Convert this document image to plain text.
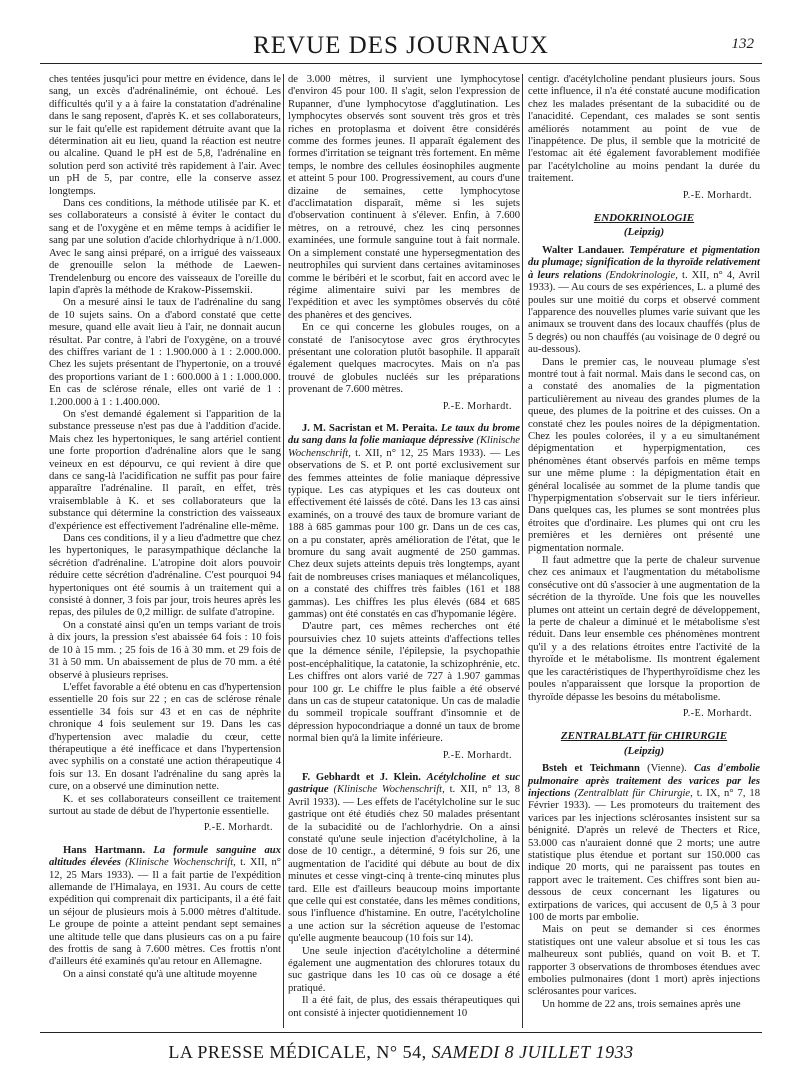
REVUE DES JOURNAUX	132

ches tentées jusqu'ici pour mettre en évidence, dans le sang, un excès d'adrénalinémie, ont échoué. Les difficultés qu'il y a à faire la constatation d'adrénaline dans le sang reposent, d'après K. et ses collaborateurs, sur le fait qu'elle est rapidement détruite avant que la détermination ait eu lieu, quand la réaction est neutre ou alcaline. Quand le pH est de 5,8, l'adrénaline en solution perd son activité très rapidement à l'air. Avec un pH de 5, par contre, elle la conserve assez longtemps.

Dans ces conditions, la méthode utilisée par K. et ses collaborateurs a consisté à éviter le contact du sang et de l'oxygène et en même temps à acidifier le sang par une solution d'acide chlorhydrique à n/1.000. Avec le sang ainsi préparé, on a irrigué des vaisseaux de grenouille selon la méthode de Laewen-Trendelenburg ou encore des vaisseaux de l'oreille du lapin d'après la méthode de Krakow-Pissemskii.

On a mesuré ainsi le taux de l'adrénaline du sang de 10 sujets sains. On a d'abord constaté que cette mesure, quand elle avait lieu à l'air, ne donnait aucun résultat. Par contre, à l'abri de l'oxygène, on a trouvé des chiffres variant de 1 : 1.900.000 à 1 : 2.000.000. Chez les sujets présentant de l'hypertonie, on a trouvé des proportions variant de 1 : 600.000 à 1 : 1.000.000. En cas de sclérose rénale, elles ont varié de 1 : 1.200.000 à 1 : 1.400.000.

On s'est demandé également si l'apparition de la substance presseuse n'est pas due à l'addition d'acide. Mais chez les hypertoniques, le sang artériel contient une forte proportion d'adrénaline alors que le sang veineux en est dépourvu, ce qui revient à dire que dans ce sang-là l'acidification ne suffit pas pour faire apparaître l'adrénaline. Il paraît, en effet, très vraisemblable à K. et ses collaborateurs que la substance qui détermine la constriction des vaisseaux d'expérience est effectivement l'adrénaline elle-même.

Dans ces conditions, il y a lieu d'admettre que chez les hypertoniques, le parasympathique déclanche la sécrétion d'adrénaline. L'atropine doit alors pouvoir réduire cette sécrétion d'adrénaline. C'est pourquoi 94 hypertoniques ont été soumis à un traitement qui a consisté à donner, 3 fois par jour, trois heures après les repas, des pilules de 0,2 milligr. de sulfate d'atropine.

On a constaté ainsi qu'en un temps variant de trois à dix jours, la pression s'est abaissée 64 fois : 10 fois de 10 à 15 mm. ; 25 fois de 16 à 30 mm. et 29 fois de 31 à 50 mm. Un abaissement de plus de 70 mm. a été observé à plusieurs reprises.

L'effet favorable a été obtenu en cas d'hypertension essentielle 20 fois sur 22 ; en cas de sclérose rénale essentielle 34 fois sur 43 et en cas de néphrite chronique 4 fois seulement sur 19. Dans les cas d'hypertension avec maladie du cœur, cette thérapeutique a été inefficace et dans l'hypertension avec syphilis on a constaté une action thérapeutique 4 fois sur 13. En dosant l'adrénaline du sang après la cure, on a observé une diminution nette.

K. et ses collaborateurs conseillent ce traitement surtout au stade de début de l'hypertonie essentielle.

P.-E. Morhardt.

Hans Hartmann. La formule sanguine aux altitudes élevées (Klinische Wochenschrift, t. XII, n° 12, 25 Mars 1933). — Il a fait partie de l'expédition allemande de l'Himalaya, en 1931. Au cours de cette expédition qui comprenait dix participants, il a été fait un séjour de plusieurs mois à 5.000 mètres d'altitude. Le groupe de pointe a atteint pendant sept semaines une altitude telle que dans plusieurs cas on a pu faire des frottis de sang à 7.600 mètres. Ces frottis n'ont d'ailleurs été examinés qu'au retour en Allemagne.

On a ainsi constaté qu'à une altitude moyenne

de 3.000 mètres, il survient une lymphocytose d'environ 45 pour 100. Il s'agit, selon l'expression de Rupanner, d'une lymphocytose d'agglutination. Les lymphocytes observés sont souvent très gros et très riches en protoplasma et doivent être considérés comme des formes jeunes. Il apparaît également des formes d'irritation se teignant très fortement. En même temps, le nombre des cellules éosinophiles augmente et atteint 5 pour 100. Progressivement, au cours d'une dizaine de semaines, cette lymphocytose d'acclimatation disparaît, même si les sujets d'observation continuent à s'élever. Enfin, à 7.600 mètres, on a retrouvé, chez les cinq personnes examinées, une formule sanguine tout à fait normale. On a simplement constaté une hypersegmentation des neutrophiles qui survient dans certaines avitaminoses comme le béribéri et le scorbut, fait en accord avec le régime alimentaire suivi par les membres de l'expédition et avec les symptômes observés du côté des phanères et des gencives.

En ce qui concerne les globules rouges, on a constaté de l'anisocytose avec gros érythrocytes présentant une coloration plutôt basophile. Il apparaît également quelques macrocytes. Mais on n'a pas trouvé de globules nucléés sur les préparations provenant de 7.600 mètres.

P.-E. Morhardt.

J. M. Sacristan et M. Peraita. Le taux du brome du sang dans la folie maniaque dépressive (Klinische Wochenschrift, t. XII, n° 12, 25 Mars 1933). — Les observations de S. et P. ont porté exclusivement sur des femmes atteintes de folie maniaque dépressive typique. Les cas atypiques et les cas douteux ont effectivement été laissés de côté. Dans les 13 cas ainsi examinés, on a trouvé des taux de bromure variant de 188 à 685 gammas pour 100 gr. Dans un de ces cas, on a pu constater, après amélioration de l'état, que le bromure du sang avait augmenté de 250 gammas. Chez deux sujets atteints depuis très longtemps, ayant fait de nombreuses crises maniaques et mélancoliques, on a constaté des chiffres très faibles (161 et 188 gammas). Les chiffres les plus élevés (684 et 685 gammas) ont été constatés en cas d'hypomanie légère.

D'autre part, ces mêmes recherches ont été poursuivies chez 10 sujets atteints d'affections telles que la démence sénile, l'épilepsie, la psychopathie post-encéphalitique, la catatonie, la schizophrénie, etc. Les chiffres ont alors varié de 727 à 1.907 gammas pour 100 gr. Le chiffre le plus faible a été observé dans un cas de stupeur catatonique. Un cas de maladie du sommeil tropicale souffrant d'insomnie et de dépression hypocondriaque a donné un taux de brome normal bien qu'à la limite inférieure.

P.-E. Morhardt.

F. Gebhardt et J. Klein. Acétylcholine et suc gastrique (Klinische Wochenschrift, t. XII, n° 13, 8 Avril 1933). — Les effets de l'acétylcholine sur le suc gastrique ont été étudiés chez 50 malades présentant de la subacidité ou de l'achlorhydrie. On a ainsi constaté qu'une seule injection d'acétylcholine, à la dose de 10 centigr., a déterminé, 9 fois sur 26, une augmentation de l'acidité qui débute au bout de dix minutes et cesse vingt-cinq à trente-cinq minutes plus tard. Elle est d'ailleurs beaucoup moins importante que celle qui est constatée, dans les mêmes conditions, sous l'influence d'histamine. En outre, l'acétylcholine a une action sur la sécrétion aqueuse de l'estomac qu'elle augmente beaucoup (10 fois sur 14).

Une seule injection d'acétylcholine a déterminé également une augmentation des chlorures totaux du suc gastrique dans les 10 cas où ce dosage a été pratiqué.

Il a été fait, de plus, des essais thérapeutiques qui ont consisté à injecter quotidiennement 10

centigr. d'acétylcholine pendant plusieurs jours. Sous cette influence, il n'a été constaté aucune modification chez les malades présentant de la subacidité ou de l'anacidité. Cependant, ces malades se sont sentis améliorés notamment au point de vue de l'inappétence. De plus, il semble que la motricité de l'estomac ait été également favorablement modifiée par l'acétylcholine au moins pendant la durée du traitement.

P.-E. Morhardt.
ENDOKRINOLOGIE
(Leipzig)

Walter Landauer. Température et pigmentation du plumage; signification de la thyroïde relativement à leurs relations (Endokrinologie, t. XII, n° 4, Avril 1933). — Au cours de ses expériences, L. a plumé des poules sur une moitié du corps et observé comment l'apparence des nouvelles plumes varie suivant que les animaux se trouvent dans des locaux chauffés (plus de 5 degrés) ou non chauffés (au voisinage de 0 degré ou au-dessous).

Dans le premier cas, le nouveau plumage s'est montré tout à fait normal. Mais dans le second cas, on a constaté des anomalies de la pigmentation particulièrement au niveau des grandes plumes de la queue, des plumes de la poitrine et des cuisses. On a constaté chez les poules noires de la dépigmentation. Chez les poules colorées, il y a eu simultanément dépigmentation et hyperpigmentation, ces phénomènes étant observés parfois en même temps sur une même plume : la dépigmentation était en général localisée au sommet de la plume tandis que l'hyperpigmentation s'observait sur le tiers inférieur. Dans quelques cas, les plumes se sont montrées plus étroites que d'ordinaire. Les plumes qui ont cru les premières et les dernières ont présenté une pigmentation normale.

Il faut admettre que la perte de chaleur survenue chez ces animaux et l'augmentation du métabolisme consécutive ont dû s'associer à une augmentation de la sécrétion de la thyroïde. Une fois que les nouvelles plumes ont atteint un certain degré de développement, la perte de chaleur a diminué et le métabolisme s'est réduit. Dans leur ensemble ces phénomènes montrent qu'il y a des relations étroites entre l'activité de la thyroïde et le métabolisme. Ils montrent également que les caractéristiques de l'hyperthyroïdisme chez les poules n'apparaissent que lorsque la proportion de thyroïde dépasse les besoins du métabolisme.

P.-E. Morhardt.
ZENTRALBLATT für CHIRURGIE
(Leipzig)

Bsteh et Teichmann (Vienne). Cas d'embolie pulmonaire après traitement des varices par les injections (Zentralblatt für Chirurgie, t. IX, n° 7, 18 Février 1933). — Les promoteurs du traitement des varices par les injections sclérosantes insistent sur sa bénignité. D'après un relevé de Thecters et Rice, 53.000 cas n'auraient donné que 2 morts; une autre statistique plus étendue et portant sur 150.000 cas indique 20 morts, qui ne paraissent pas toutes en rapport avec le traitement. Ces chiffres sont bien au-dessous de ceux concernant les ligatures ou extirpations de varices, qui accusent de 0,5 à 3 pour 100 de morts par embolie.

Mais on peut se demander si ces énormes statistiques ont une valeur absolue et si tous les cas malheureux sont publiés, quand on voit B. et T. rapporter 3 observations de thromboses étendues avec embolies pulmonaires (dont 1 mort) après injections sclérosantes pour varices.

Un homme de 22 ans, trois semaines après une

LA PRESSE MÉDICALE, N° 54, SAMEDI 8 JUILLET 1933
